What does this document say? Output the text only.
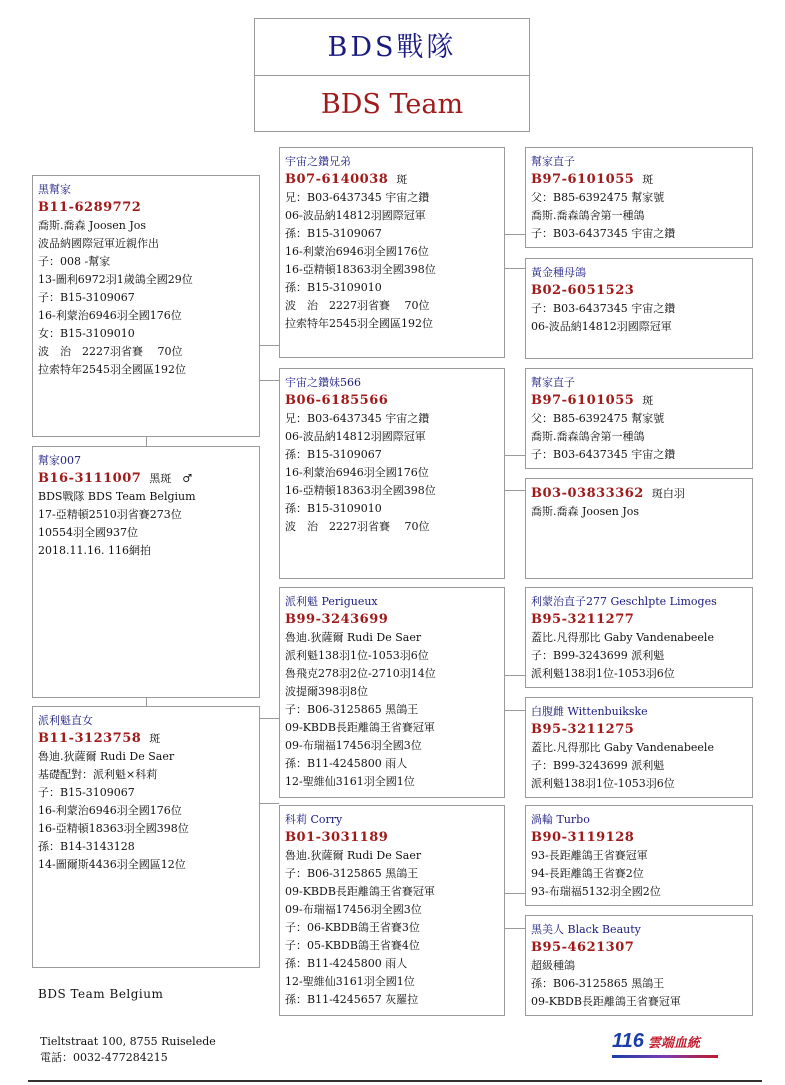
BDS戰隊
BDS Team
黑幫家
B11-6289772
喬斯.喬森 Joosen Jos
波品納國際冠軍近親作出
子：008 -幫家
13-圖利6972羽1歲鴿全國29位
子：B15-3109067
16-利蒙治6946羽全國176位
女：B15-3109010
波　治　2227羽省賽　 70位
拉索特年2545羽全國區192位
幫家007
B16-3111007 黑斑　♂
BDS戰隊 BDS Team Belgium
17-亞精頓2510羽省賽273位
10554羽全國937位
2018.11.16. 116網拍
派利魁直女
B11-3123758 斑
魯迪.狄薩爾 Rudi De Saer
基礎配對：派利魁×科莉
子：B15-3109067
16-利蒙治6946羽全國176位
16-亞精頓18363羽全國398位
孫：B14-3143128
14-圖爾斯4436羽全國區12位
宇宙之鑽兄弟
B07-6140038 斑
兄：B03-6437345 宇宙之鑽
06-波品納14812羽國際冠軍
孫：B15-3109067
16-利蒙治6946羽全國176位
16-亞精頓18363羽全國398位
孫：B15-3109010
波　治　2227羽省賽　 70位
拉索特年2545羽全國區192位
宇宙之鑽妹566
B06-6185566
兄：B03-6437345 宇宙之鑽
06-波品納14812羽國際冠軍
孫：B15-3109067
16-利蒙治6946羽全國176位
16-亞精頓18363羽全國398位
孫：B15-3109010
波　治　2227羽省賽　 70位
派利魁 Perigueux
B99-3243699
魯迪.狄薩爾 Rudi De Saer
派利魁138羽1位-1053羽6位
魯飛克278羽2位-2710羽14位
波提爾398羽8位
子：B06-3125865 黑鴿王
09-KBDB長距離鴿王省賽冠軍
09-布瑞福17456羽全國3位
孫：B11-4245800 雨人
12-聖維仙3161羽全國1位
科莉 Corry
B01-3031189
魯迪.狄薩爾 Rudi De Saer
子：B06-3125865 黑鴿王
09-KBDB長距離鴿王省賽冠軍
09-布瑞福17456羽全國3位
子：06-KBDB鴿王省賽3位
子：05-KBDB鴿王省賽4位
孫：B11-4245800 雨人
12-聖維仙3161羽全國1位
孫：B11-4245657 灰羅拉
幫家直子
B97-6101055 斑
父：B85-6392475 幫家號
喬斯.喬森鴿舍第一種鴿
子：B03-6437345 宇宙之鑽
黃金種母鴿
B02-6051523
子：B03-6437345 宇宙之鑽
06-波品納14812羽國際冠軍
幫家直子
B97-6101055 斑
父：B85-6392475 幫家號
喬斯.喬森鴿舍第一種鴿
子：B03-6437345 宇宙之鑽
B03-03833362 斑白羽
喬斯.喬森 Joosen Jos
利蒙治直子277 Geschlpte Limoges
B95-3211277
蓋比.凡得那比 Gaby Vandenabeele
子：B99-3243699 派利魁
派利魁138羽1位-1053羽6位
白腹雌 Wittenbuikske
B95-3211275
蓋比.凡得那比 Gaby Vandenabeele
子：B99-3243699 派利魁
派利魁138羽1位-1053羽6位
渦輪 Turbo
B90-3119128
93-長距離鴿王省賽冠軍
94-長距離鴿王省賽2位
93-布瑞福5132羽全國2位
黑美人 Black Beauty
B95-4621307
超級種鴿
孫：B06-3125865 黑鴿王
09-KBDB長距離鴿王省賽冠軍
BDS Team Belgium
Tieltstraat 100, 8755 Ruiselede
電話：0032-477284215
116 雲端血統
